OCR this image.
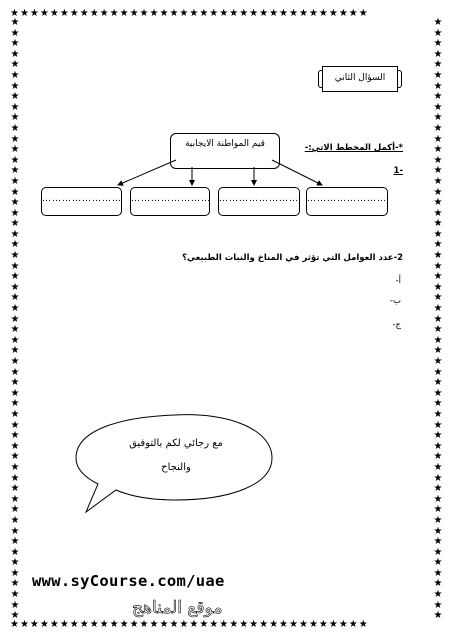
★★★★★★★★★★★★★★★★★★★★★★★★★★★★★★★★★★★★
★★★★★★★★★★★★★★★★★★★★★★★★★★★★★★★★★★★★
★
★
★
★
★
★
★
★
★
★
★
★
★
★
★
★
★
★
★
★
★
★
★
★
★
★
★
★
★
★
★
★
★
★
★
★
★
★
★
★
★
★
★
★
★
★
★
★
★
★
★
★
★
★
★
★
★
★
★
★
★
★
★
★
★
★
★
★
★
★
★
★
★
★
★
★
★
★
★
★
★
★
★
★
★
★
★
★
★
★
★
★
★
★
★
★
★
★
★
★
★
★
★
★
★
★
★
★
★
★
★
★
★
★
السؤال الثاني
*-أكمل المخطط الاتي:-
-1
قيم المواطنة الايجابية
…………………… …………………… …………………… ……………………
2-عدد العوامل التي تؤثر في المناخ والنبات الطبيعي؟
أ-
ب-
ج-
مع رجائي لكم بالتوفيق
والنجاح
www.syCourse.com/uae
موقع المناهج
